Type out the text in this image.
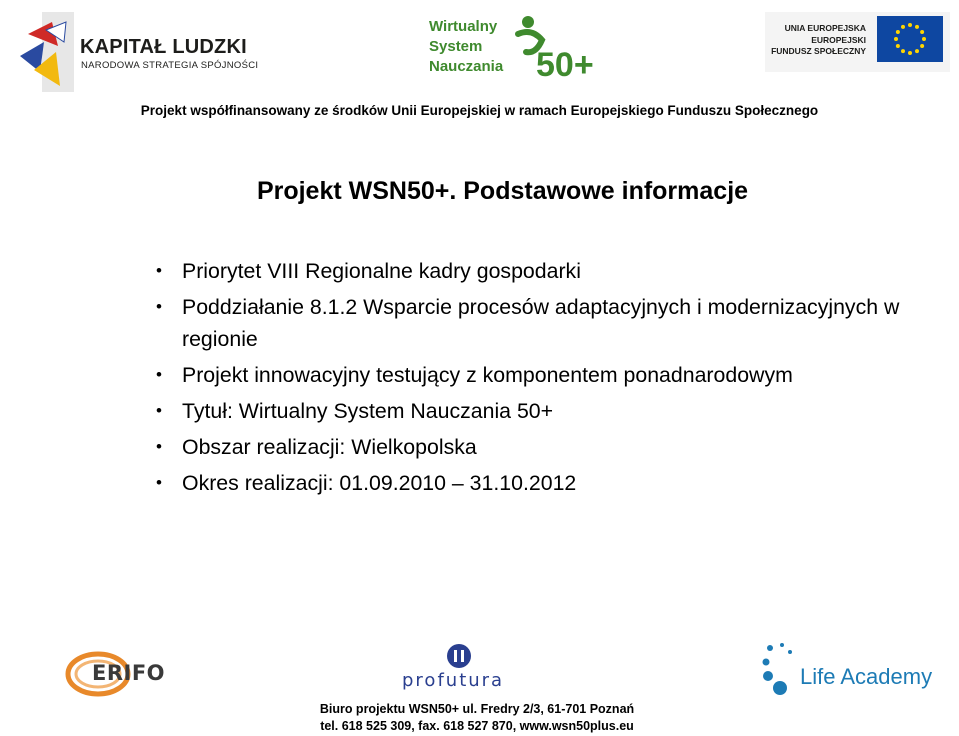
KAPITAŁ LUDZKI
NARODOWA STRATEGIA SPÓJNOŚCI
Wirtualny
System
Nauczania 50+
UNIA EUROPEJSKA
EUROPEJSKI
FUNDUSZ SPOŁECZNY
Projekt współfinansowany ze środków Unii Europejskiej w ramach Europejskiego Funduszu Społecznego
Projekt WSN50+. Podstawowe informacje
• Priorytet VIII Regionalne kadry gospodarki
• Poddziałanie 8.1.2 Wsparcie procesów adaptacyjnych i modernizacyjnych w regionie
• Projekt innowacyjny testujący z komponentem ponadnarodowym
• Tytuł: Wirtualny System Nauczania 50+
• Obszar realizacji: Wielkopolska
• Okres realizacji: 01.09.2010 – 31.10.2012
ERIFO	profutura	Life Academy
Biuro projektu WSN50+ ul. Fredry 2/3, 61-701 Poznań
tel. 618 525 309, fax. 618 527 870, www.wsn50plus.eu
